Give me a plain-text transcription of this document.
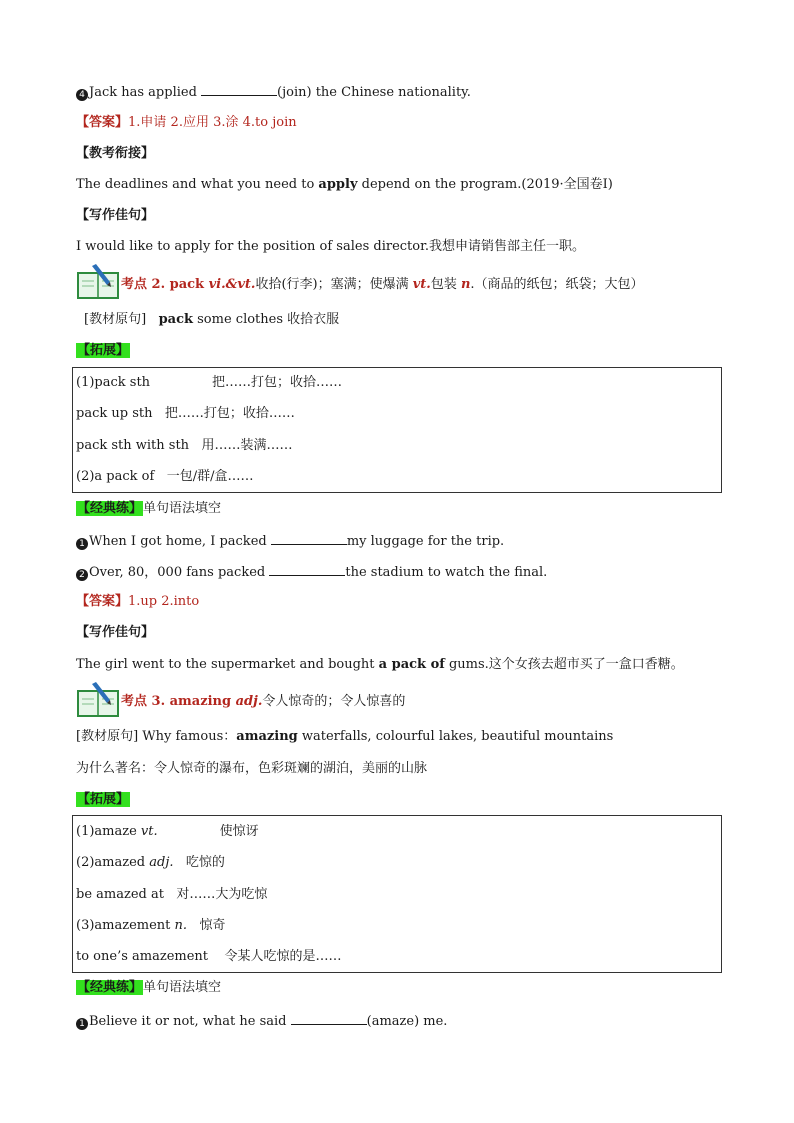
4 Jack has applied	(join) the Chinese nationality.
【答案】1.申请 2.应用 3.涂 4.to join
【教考衔接】
The deadlines and what you need to apply depend on the program.(2019·全国卷Ⅰ)
【写作佳句】
I would like to apply for the position of sales director.我想申请销售部主任一职。
考点 2. pack vi.&vt.收拾(行李)；塞满；使爆满 vt.包装 n.（商品的纸包；纸袋；大包）
[教材原句] pack some clothes 收拾衣服
【拓展】
(1)pack sth	把……打包；收拾……
pack up sth 把……打包；收拾……
pack sth with sth 用……装满……
(2)a pack of 一包/群/盒……
【经典练】单句语法填空
1 When I got home, I packed	my luggage for the trip.
2 Over, 80，000 fans packed	the stadium to watch the final.
【答案】1.up 2.into
【写作佳句】
The girl went to the supermarket and bought a pack of gums.这个女孩去超市买了一盒口香糖。
考点 3. amazing adj.令人惊奇的；令人惊喜的
[教材原句] Why famous：amazing waterfalls, colourful lakes, beautiful mountains
为什么著名：令人惊奇的瀑布，色彩斑斓的湖泊，美丽的山脉
【拓展】
(1)amaze vt.	使惊讶
(2)amazed adj. 吃惊的
be amazed at 对……大为吃惊
(3)amazement n. 惊奇
to one’s amazement 令某人吃惊的是……
【经典练】单句语法填空
1 Believe it or not, what he said	(amaze) me.
